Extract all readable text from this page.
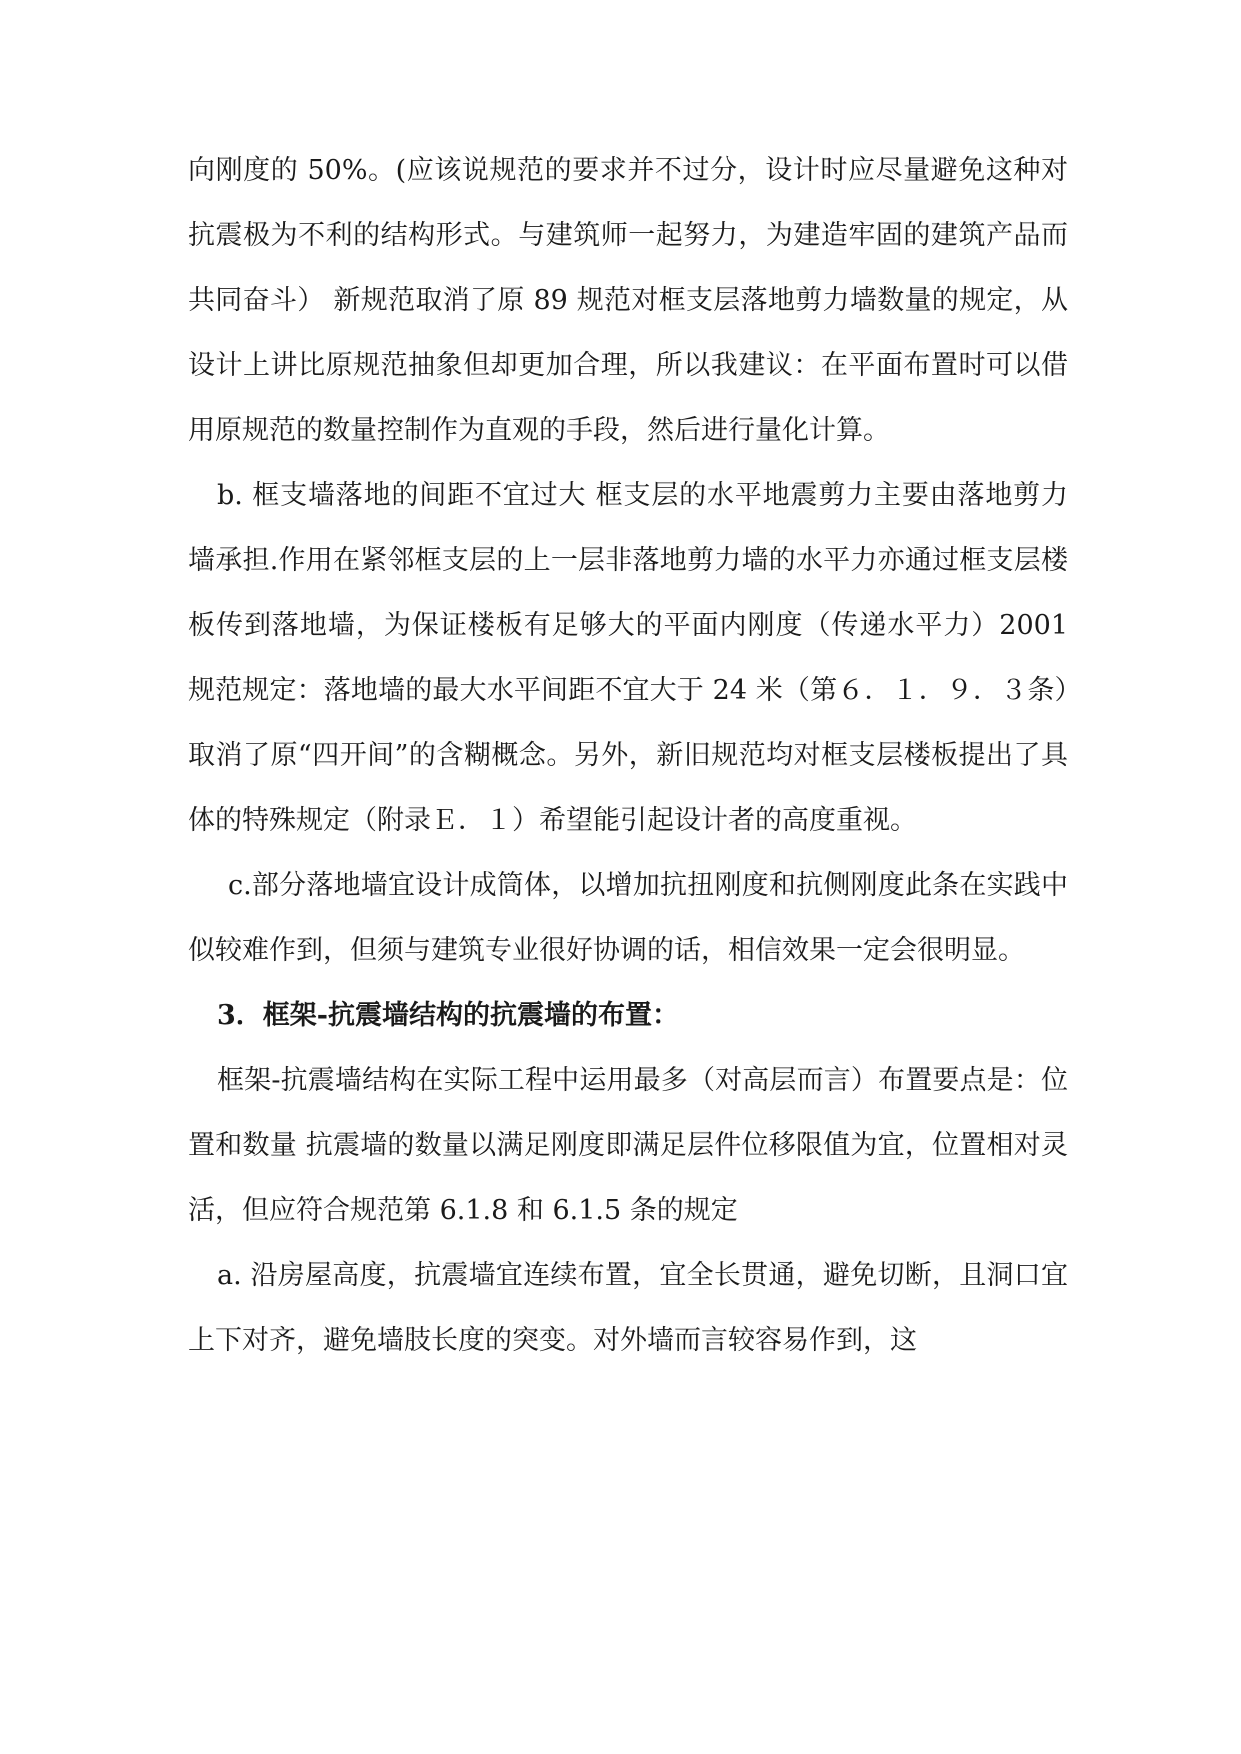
向刚度的 50%。(应该说规范的要求并不过分，设计时应尽量避免这种对抗震极为不利的结构形式。与建筑师一起努力，为建造牢固的建筑产品而共同奋斗） 新规范取消了原 89 规范对框支层落地剪力墙数量的规定，从设计上讲比原规范抽象但却更加合理，所以我建议：在平面布置时可以借用原规范的数量控制作为直观的手段，然后进行量化计算。

b. 框支墙落地的间距不宜过大 框支层的水平地震剪力主要由落地剪力墙承担.作用在紧邻框支层的上一层非落地剪力墙的水平力亦通过框支层楼板传到落地墙，为保证楼板有足够大的平面内刚度（传递水平力）2001 规范规定：落地墙的最大水平间距不宜大于 24 米（第６．１．９．３条）取消了原“四开间”的含糊概念。另外，新旧规范均对框支层楼板提出了具体的特殊规定（附录Ｅ．１）希望能引起设计者的高度重视。

c.部分落地墙宜设计成筒体，以增加抗扭刚度和抗侧刚度此条在实践中似较难作到，但须与建筑专业很好协调的话，相信效果一定会很明显。

3．框架-抗震墙结构的抗震墙的布置：

框架-抗震墙结构在实际工程中运用最多（对高层而言）布置要点是：位置和数量 抗震墙的数量以满足刚度即满足层件位移限值为宜，位置相对灵活，但应符合规范第 6.1.8 和 6.1.5 条的规定

a. 沿房屋高度，抗震墙宜连续布置，宜全长贯通，避免切断，且洞口宜上下对齐，避免墙肢长度的突变。对外墙而言较容易作到，这
